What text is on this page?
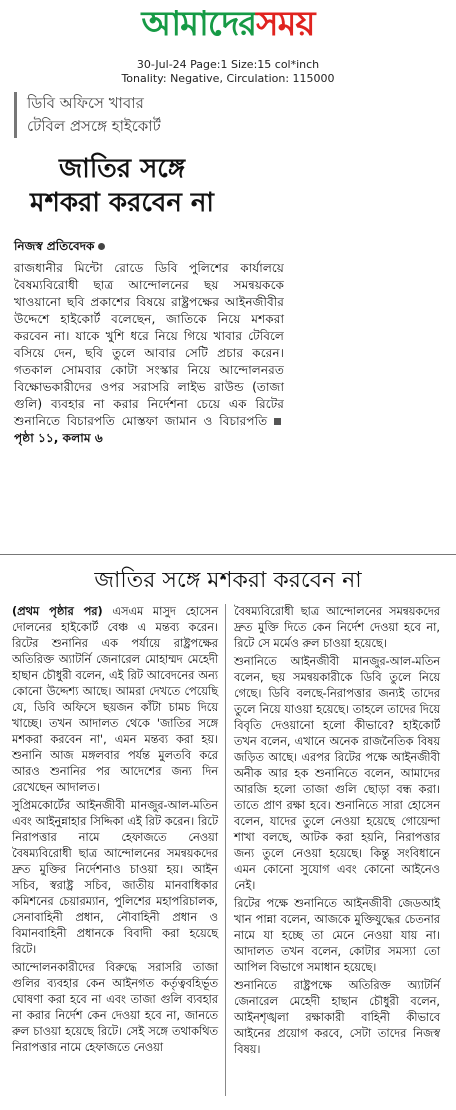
আমাদেরসময়
30-Jul-24 Page:1 Size:15 col*inch
Tonality: Negative, Circulation: 115000
ডিবি অফিসে খাবার
টেবিল প্রসঙ্গে হাইকোর্ট
জাতির সঙ্গে মশকরা করবেন না
নিজস্ব প্রতিবেদক
রাজধানীর মিন্টো রোডে ডিবি পুলিশের কার্যালয়ে বৈষম্যবিরোধী ছাত্র আন্দোলনের ছয় সমন্বয়ককে খাওয়ানো ছবি প্রকাশের বিষয়ে রাষ্ট্রপক্ষের আইনজীবীর উদ্দেশে হাইকোর্ট বলেছেন, জাতিকে নিয়ে মশকরা করবেন না। যাকে খুশি ধরে নিয়ে গিয়ে খাবার টেবিলে বসিয়ে দেন, ছবি তুলে আবার সেটি প্রচার করেন। গতকাল সোমবার কোটা সংস্কার নিয়ে আন্দোলনরত বিক্ষোভকারীদের ওপর সরাসরি লাইভ রাউন্ড (তাজা গুলি) ব্যবহার না করার নির্দেশনা চেয়ে এক রিটের শুনানিতে বিচারপতি মোস্তফা জামান ও বিচারপতি পৃষ্ঠা ১১, কলাম ৬
জাতির সঙ্গে মশকরা করবেন না

(প্রথম পৃষ্ঠার পর) এসএম মাসুদ হোসেন দোলনের হাইকোর্ট বেঞ্চ এ মন্তব্য করেন। রিটের শুনানির এক পর্যায়ে রাষ্ট্রপক্ষের অতিরিক্ত অ্যাটর্নি জেনারেল মোহাম্মদ মেহেদী হাছান চৌধুরী বলেন, এই রিট আবেদনের অন্য কোনো উদ্দেশ্য আছে। আমরা দেখতে পেয়েছি যে, ডিবি অফিসে ছয়জন কাঁটা চামচ দিয়ে খাচ্ছে। তখন আদালত থেকে 'জাতির সঙ্গে মশকরা করবেন না', এমন মন্তব্য করা হয়। শুনানি আজ মঙ্গলবার পর্যন্ত মুলতবি করে আরও শুনানির পর আদেশের জন্য দিন রেখেছেন আদালত।

সুপ্রিমকোর্টের আইনজীবী মানজুর-আল-মতিন এবং আইনুন্নাহার সিদ্দিকা এই রিট করেন। রিটে নিরাপত্তার নামে হেফাজতে নেওয়া বৈষম্যবিরোধী ছাত্র আন্দোলনের সমন্বয়কদের দ্রুত মুক্তির নির্দেশনাও চাওয়া হয়। আইন সচিব, স্বরাষ্ট্র সচিব, জাতীয় মানবাধিকার কমিশনের চেয়ারম্যান, পুলিশের মহাপরিচালক, সেনাবাহিনী প্রধান, নৌবাহিনী প্রধান ও বিমানবাহিনী প্রধানকে বিবাদী করা হয়েছে রিটে।

আন্দোলনকারীদের বিরুদ্ধে সরাসরি তাজা গুলির ব্যবহার কেন আইনগত কর্তৃত্ববহির্ভূত ঘোষণা করা হবে না এবং তাজা গুলি ব্যবহার না করার নির্দেশ কেন দেওয়া হবে না, জানতে রুল চাওয়া হয়েছে রিটে। সেই সঙ্গে তথাকথিত নিরাপত্তার নামে হেফাজতে নেওয়া

বৈষম্যবিরোধী ছাত্র আন্দোলনের সমন্বয়কদের দ্রুত মুক্তি দিতে কেন নির্দেশ দেওয়া হবে না, রিটে সে মর্মেও রুল চাওয়া হয়েছে।

শুনানিতে আইনজীবী মানজুর-আল-মতিন বলেন, ছয় সমন্বয়কারীকে ডিবি তুলে নিয়ে গেছে। ডিবি বলছে-নিরাপত্তার জন্যই তাদের তুলে নিয়ে যাওয়া হয়েছে। তাহলে তাদের দিয়ে বিবৃতি দেওয়ানো হলো কীভাবে? হাইকোর্ট তখন বলেন, এখানে অনেক রাজনৈতিক বিষয় জড়িত আছে। এরপর রিটের পক্ষে আইনজীবী অনীক আর হক শুনানিতে বলেন, আমাদের আরজি হলো তাজা গুলি ছোড়া বন্ধ করা। তাতে প্রাণ রক্ষা হবে। শুনানিতে সারা হোসেন বলেন, যাদের তুলে নেওয়া হয়েছে গোয়েন্দা শাখা বলছে, আটক করা হয়নি, নিরাপত্তার জন্য তুলে নেওয়া হয়েছে। কিন্তু সংবিধানে এমন কোনো সুযোগ এবং কোনো আইনেও নেই।

রিটের পক্ষে শুনানিতে আইনজীবী জেডআই খান পান্না বলেন, আজকে মুক্তিযুদ্ধের চেতনার নামে যা হচ্ছে তা মেনে নেওয়া যায় না। আদালত তখন বলেন, কোটার সমস্যা তো আপিল বিভাগে সমাধান হয়েছে।

শুনানিতে রাষ্ট্রপক্ষে অতিরিক্ত অ্যাটর্নি জেনারেল মেহেদী হাছান চৌধুরী বলেন, আইনশৃঙ্খলা রক্ষাকারী বাহিনী কীভাবে আইনের প্রয়োগ করবে, সেটা তাদের নিজস্ব বিষয়।
